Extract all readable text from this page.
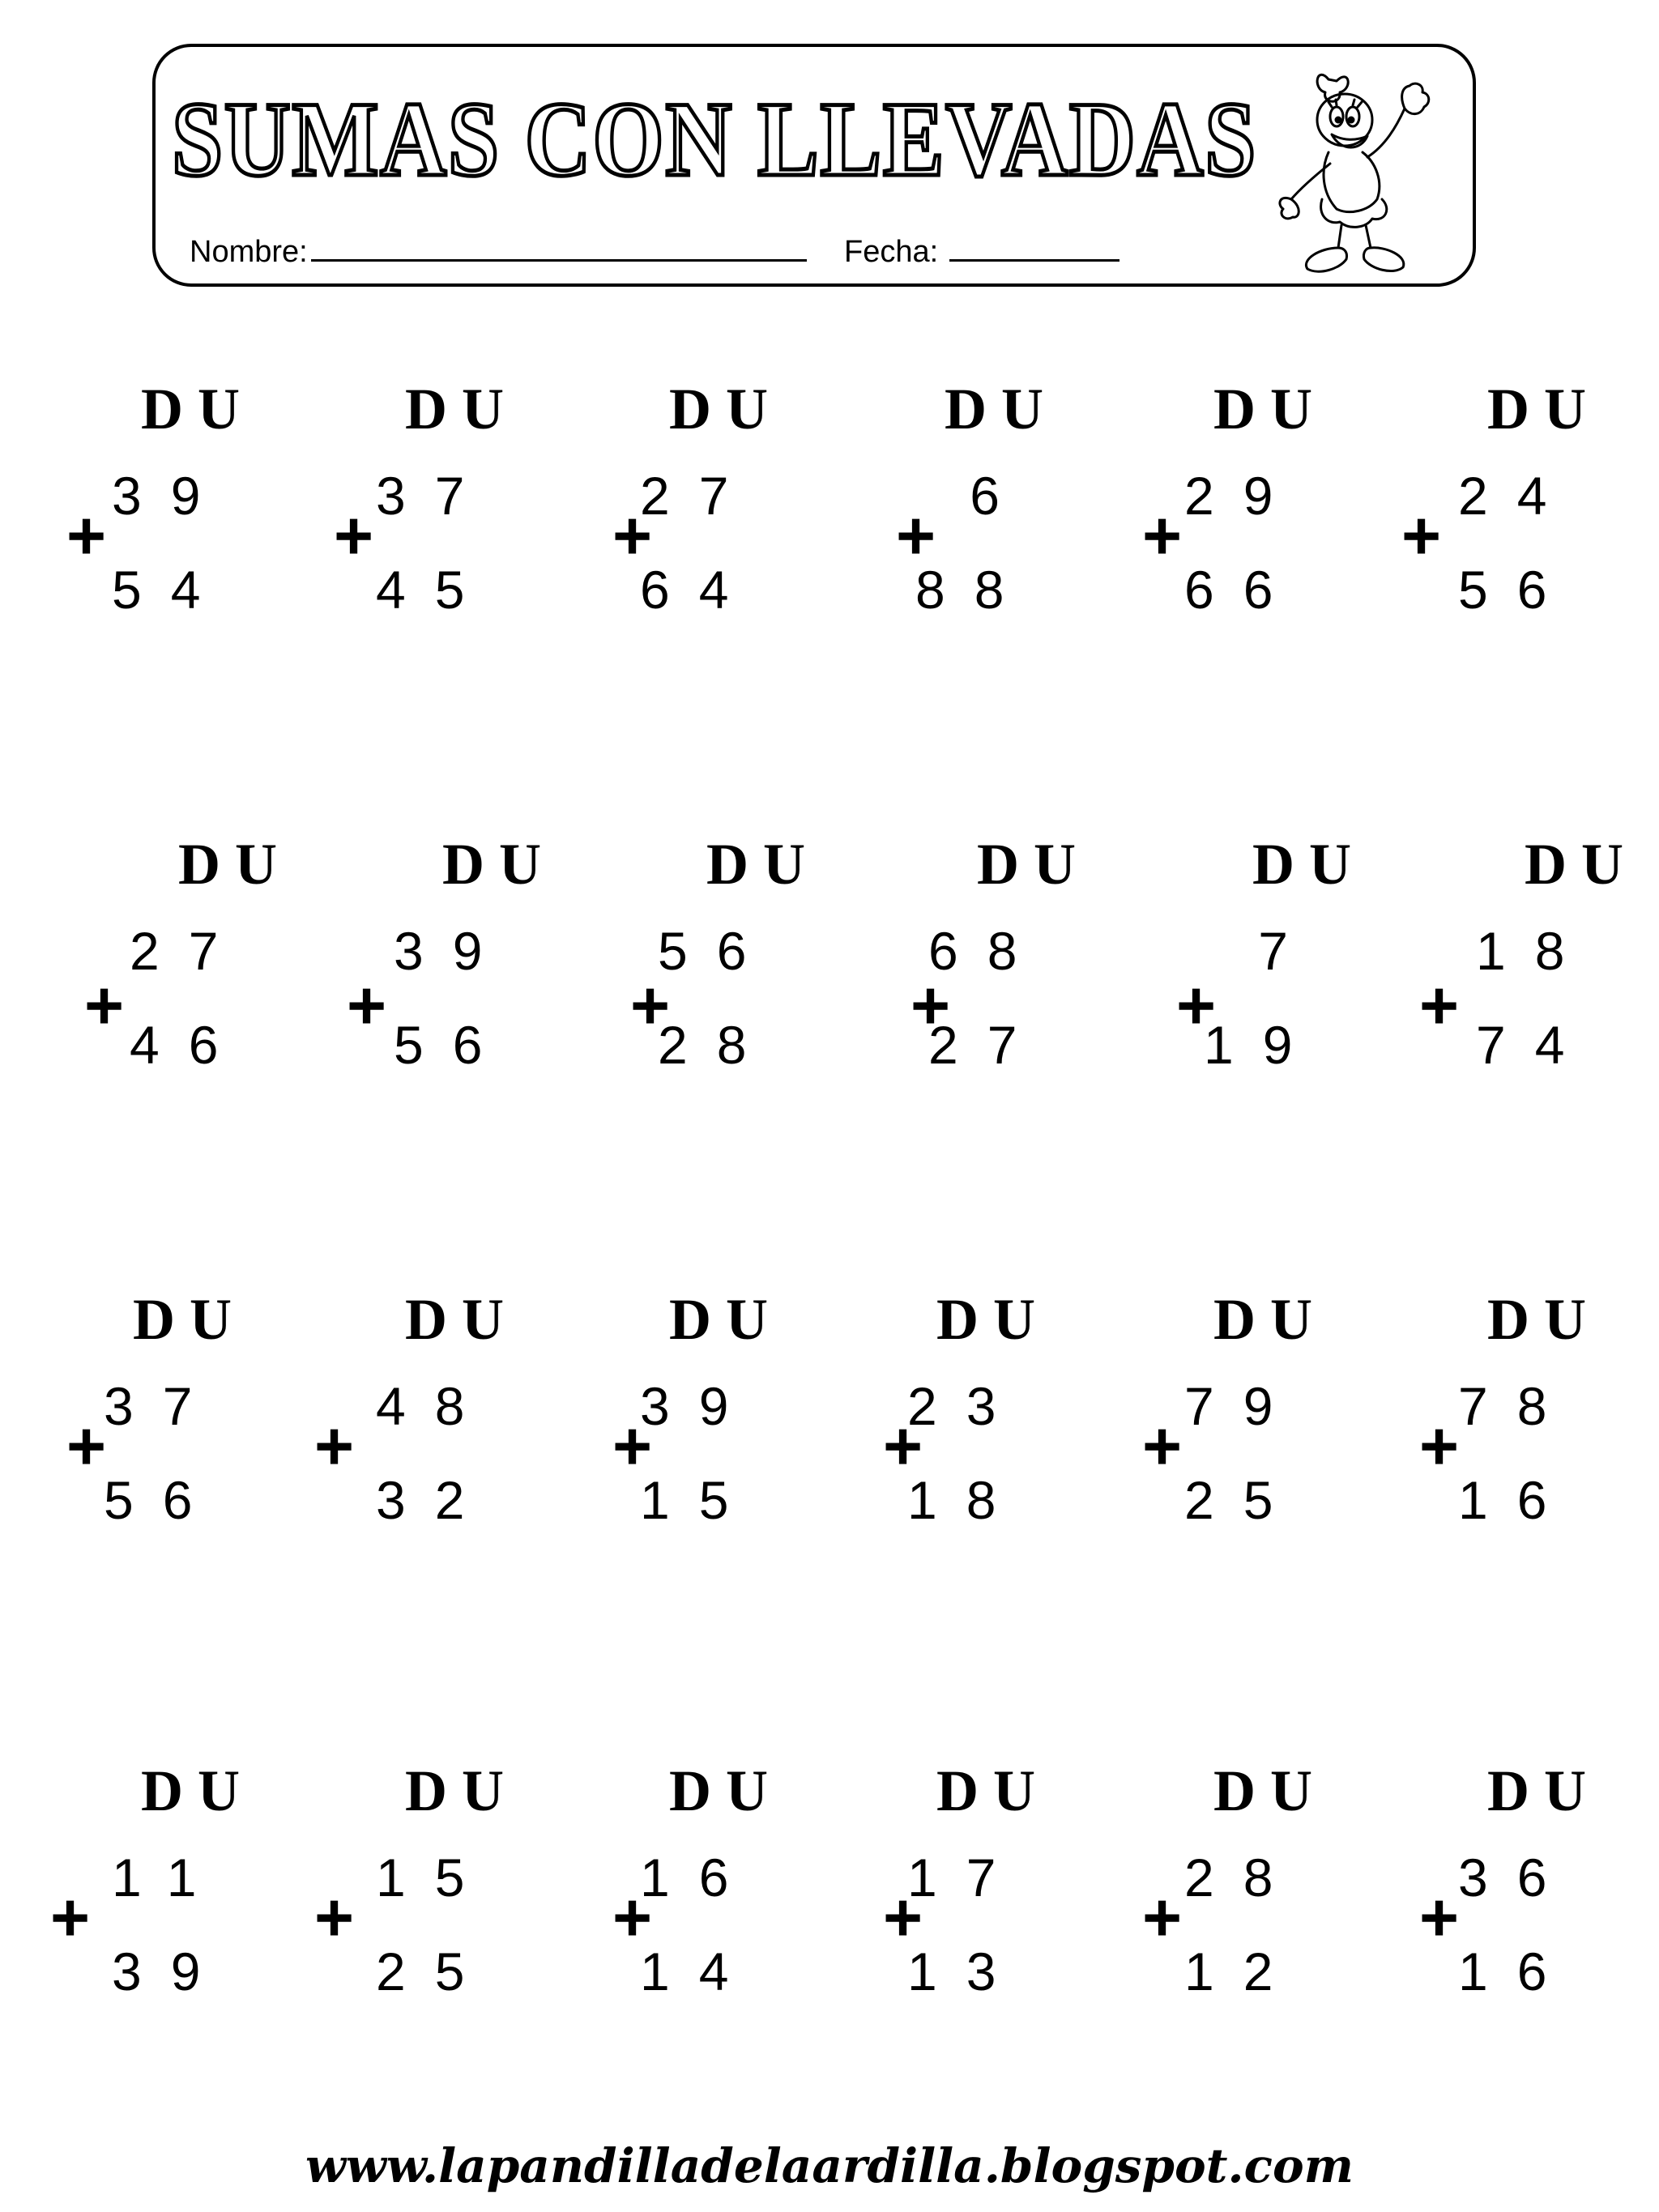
SUMAS CON LLEVADAS
Nombre:	Fecha:
D U
39
+
54
D U
37
+
45
D U
27
+
64
D U
6
+
88
D U
29
+
66
D U
24
+
56
D U
27
+
46
D U
39
+
56
D U
56
+
28
D U
68
+
27
D U
7
+
19
D U
18
+
74
D U
37
+
56
D U
48
+
32
D U
39
+
15
D U
23
+
18
D U
79
+
25
D U
78
+
16
D U
11
+
39
D U
15
+
25
D U
16
+
14
D U
17
+
13
D U
28
+
12
D U
36
+
16
www.lapandilladelaardilla.blogspot.com
